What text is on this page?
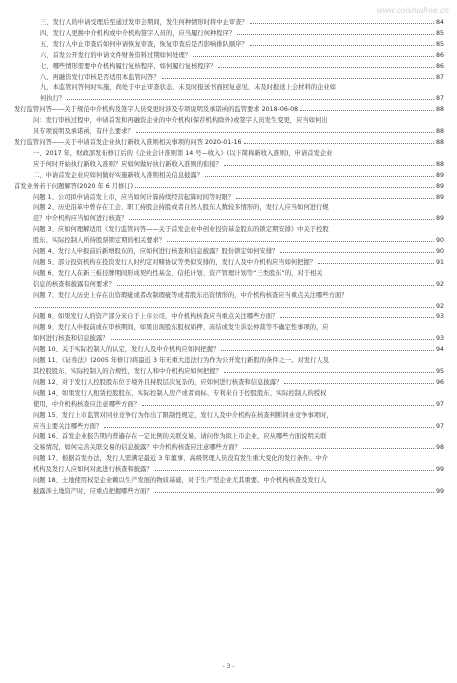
www.coishuifree.cn
三、发行人的申请受理后至通过发审会期间，发生何种情形时将中止审查？	84
四、发行人更换中介机构或中介机构签字人员的，应当履行何种程序？	85
五、发行人中止审查后如何申请恢复审查，恢复审查后是否影响排队顺序？	85
六、首发公开发行的申请文件财务资料过期如何处理？	86
七、哪些情形需要中介机构履行复核程序，如何履行复核程序？	86
八、再融资发行审核是否适用本监管问答？	87
九、本监管问答何时实施，尚处于中止审查状态、未及时报送书面回复意见、未及时报送上会材料的企业如
何执行？	87
发行监管问答——关于规范中介机构及签字人员变更时涉及专项说明及承诺函的监管要求 2018-06-08	88
问：发行审核过程中，申请首发和再融资企业的中介机构(保荐机构除外)或签字人员发生变更，应当如何出
具专项说明及承诺函，有什么要求？	88
发行监管问答——关于申请首发企业执行新收入准则相关事项的问答 2020-01-16	88
一、2017 年，财政部发布修订后的《企业会计准则第 14 号—收入》(以下简称新收入准则)，申请首发企业
应于何时开始执行新收入准则？应如何做好执行新收入准则的衔接？	88
二、申请首发企业应如何做好实施新收入准则相关信息披露？	89
首发业务若干问题解答(2020 年 6 月修订)	89
问题 1、公司拟申请首发上市，应当如何计算持续经营起算时间等时限？	89
问题 2、历史沿革中曾存在工会、职工持股会持股或者自然人股东人数较多情形的，发行人应当如何进行规
范？中介机构应当如何进行核查？	89
问题 3、应如何理解适用《发行监管问答——关于首发企业中创业投资基金股东的锁定期安排》中关于控股
股东、实际控制人所持股票锁定期的相关要求？	90
问题 4、发行人申报前后新增股东的，应如何进行核查和信息披露？股份锁定如何安排？	90
问题 5、部分投资机构在投资发行人时约定对赌协议等类似安排的，发行人及中介机构应当如何把握？	91
问题 6、发行人在新三板挂牌期间形成契约性基金、信托计划、资产管理计划等“三类股东”的，对于相关
信息的核查和披露有何要求？	92
问题 7、发行人历史上存在出资瑕疵或者改制瑕疵等或者股东出资情形的，中介机构核查应当重点关注哪些方面？
92
问题 8、如果发行人的资产部分来自于上市公司，中介机构核查应当重点关注哪些方面？	93
问题 9、发行人申报前或在审核期间，如果出现股东股权质押、冻结或发生诉讼仲裁等不确定性事项的，应
如何进行核查和信息披露？	93
问题 10、关于实际控制人的认定，发行人及中介机构应如何把握？	94
问题 11、《证券法》(2005 年修订)将最近 3 年无重大违法行为作为公开发行新股的条件之一。对发行人及
其控股股东、实际控制人的合规性，发行人和中介机构应如何把握？	95
问题 12、对于发行人控股股东位于境外且持股层次复杂的，应如何进行核查和信息披露？	96
问题 14、如果发行人租赁控股股东、实际控制人房产或者商标、专利来自于控股股东、实际控制人的授权
使用，中介机构核查应注意哪些方面？	97
问题 15、发行上市监管对同业竞争行为作出了限制性规定，发行人及中介机构在核查判断同业竞争事项时，
应当主要关注哪些方面？	97
问题 16、首发企业报告期内普遍存在一定比例的关联交易，请问作为拟上市企业，应从哪些方面说明关联
交易情况，如何完善关联交易的信息披露？中介机构核查应注意哪些方面？	98
问题 17、根据首发办法，发行人需满足最近 3 年董事、高级管理人员没有发生重大变化的发行条件。中介
机构及发行人应如何对此进行核查和披露？	99
问题 18、土地使用权是企业赖以生产发展的物质基础，对于生产型企业尤其重要。中介机构核查及发行人
披露涉土地资产时，应重点把握哪些方面？	99
- 3 -
